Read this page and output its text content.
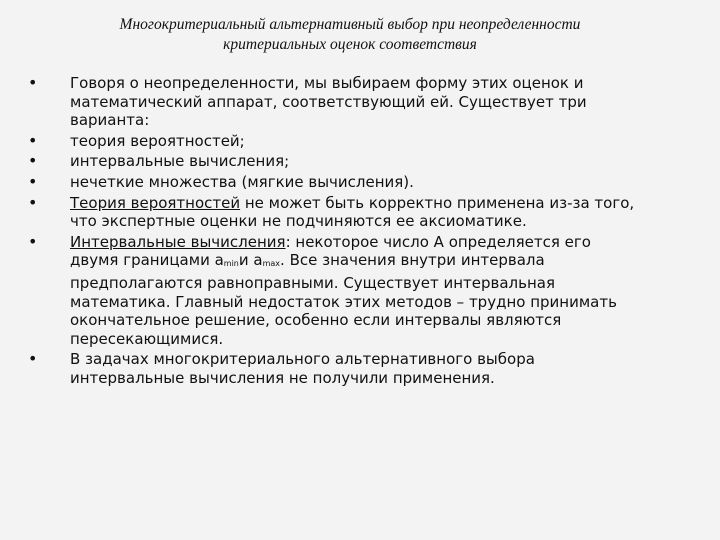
Многокритериальный альтернативный выбор при неопределенности
критериальных оценок соответствия
• Говоря о неопределенности, мы выбираем форму этих оценок и
математический аппарат, соответствующий ей. Существует три
варианта:
• теория вероятностей;
• интервальные вычисления;
• нечеткие множества (мягкие вычисления).
• Теория вероятностей не может быть корректно применена из-за того,
что экспертные оценки не подчиняются ее аксиоматике.
• Интервальные вычисления: некоторое число A определяется его
двумя границами aminи amax. Все значения внутри интервала
предполагаются равноправными. Существует интервальная
математика. Главный недостаток этих методов – трудно принимать
окончательное решение, особенно если интервалы являются
пересекающимися.
• В задачах многокритериального альтернативного выбора
интервальные вычисления не получили применения.
